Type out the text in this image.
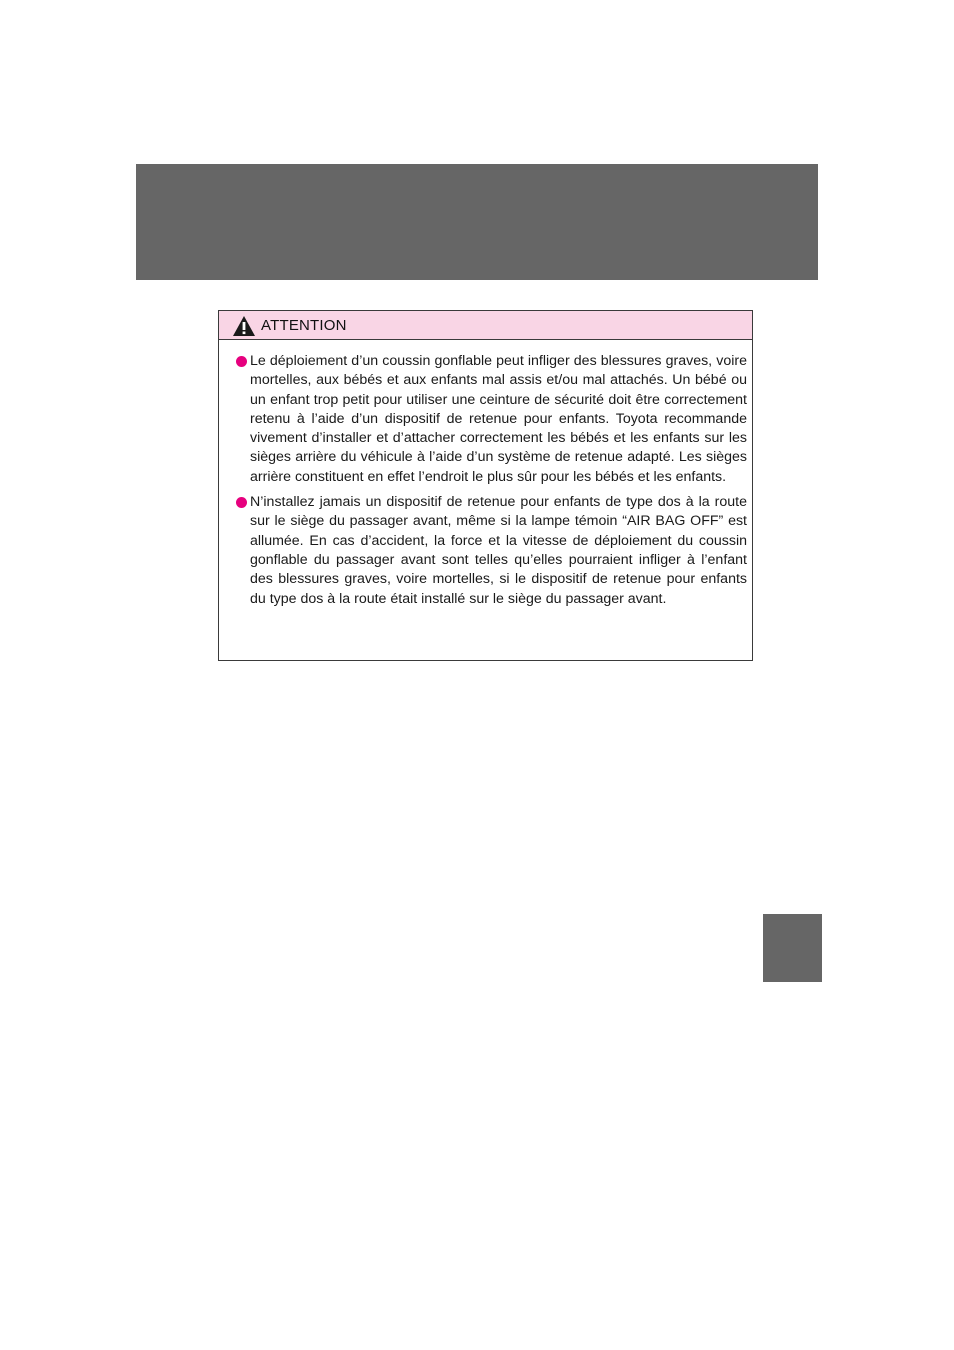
ATTENTION
Le déploiement d’un coussin gonflable peut infliger des blessures graves, voire mortelles, aux bébés et aux enfants mal assis et/ou mal attachés. Un bébé ou un enfant trop petit pour utiliser une ceinture de sécurité doit être correctement retenu à l’aide d’un dispositif de retenue pour enfants. Toyota recommande vivement d’installer et d’attacher correctement les bébés et les enfants sur les sièges arrière du véhicule à l’aide d’un système de retenue adapté. Les sièges arrière constituent en effet l’endroit le plus sûr pour les bébés et les enfants.
N’installez jamais un dispositif de retenue pour enfants de type dos à la route sur le siège du passager avant, même si la lampe témoin “AIR BAG OFF” est allumée. En cas d’accident, la force et la vitesse de déploiement du coussin gonflable du passager avant sont telles qu’elles pourraient infliger à l’enfant des blessures graves, voire mortelles, si le dispositif de retenue pour enfants du type dos à la route était installé sur le siège du passager avant.
